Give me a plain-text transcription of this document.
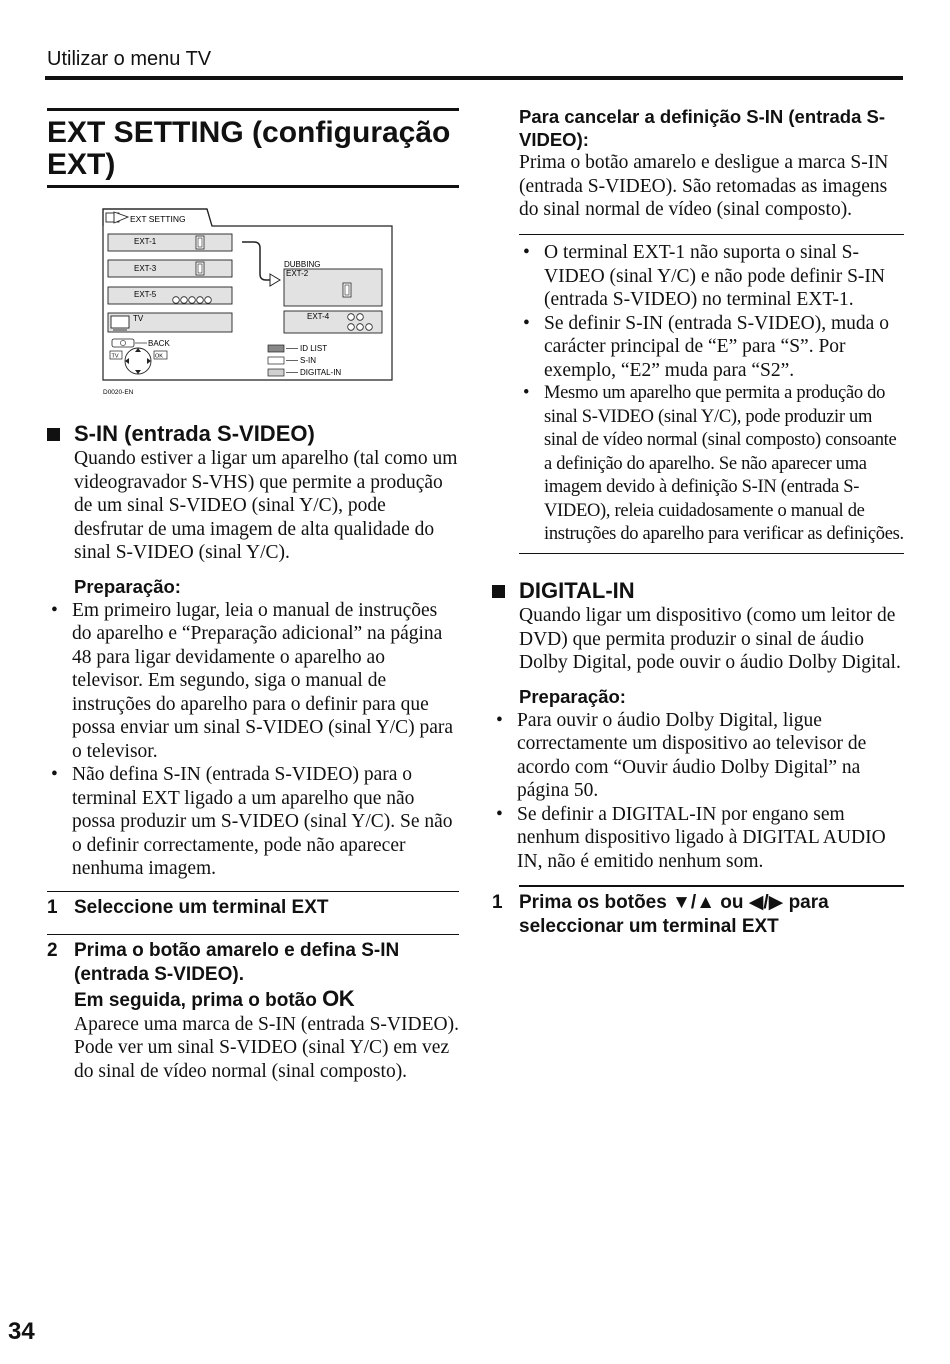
Utilizar o menu TV
EXT SETTING (configuração
EXT)
EXT SETTING
EXT-1
EXT-3
EXT-5
TV
DUBBING
EXT-2
EXT-4
BACK
TV	OK
ID LIST
S-IN
DIGITAL-IN
D0020-EN
S-IN (entrada S-VIDEO)
Quando estiver a ligar um aparelho (tal como um videogravador S-VHS) que permite a produção de um sinal S-VIDEO (sinal Y/C), pode desfrutar de uma imagem de alta qualidade do sinal S-VIDEO (sinal Y/C).
Preparação:
• Em primeiro lugar, leia o manual de instruções do aparelho e “Preparação adicional” na página 48 para ligar devidamente o aparelho ao televisor. Em segundo, siga o manual de instruções do aparelho para o definir para que possa enviar um sinal S-VIDEO (sinal Y/C) para o televisor.
• Não defina S-IN (entrada S-VIDEO) para o terminal EXT ligado a um aparelho que não possa produzir um S-VIDEO (sinal Y/C). Se não o definir correctamente, pode não aparecer nenhuma imagem.
1 Seleccione um terminal EXT
2 Prima o botão amarelo e defina S-IN (entrada S-VIDEO).
Em seguida, prima o botão OK
Aparece uma marca de S-IN (entrada S-VIDEO). Pode ver um sinal S-VIDEO (sinal Y/C) em vez do sinal de vídeo normal (sinal composto).
Para cancelar a definição S-IN (entrada S-VIDEO):
Prima o botão amarelo e desligue a marca S-IN (entrada S-VIDEO). São retomadas as imagens do sinal normal de vídeo (sinal composto).
• O terminal EXT-1 não suporta o sinal S-VIDEO (sinal Y/C) e não pode definir S-IN (entrada S-VIDEO) no terminal EXT-1.
• Se definir S-IN (entrada S-VIDEO), muda o carácter principal de “E” para “S”. Por exemplo, “E2” muda para “S2”.
• Mesmo um aparelho que permita a produção do sinal S-VIDEO (sinal Y/C), pode produzir um sinal de vídeo normal (sinal composto) consoante a definição do aparelho. Se não aparecer uma imagem devido à definição S-IN (entrada S-VIDEO), releia cuidadosamente o manual de instruções do aparelho para verificar as definições.
DIGITAL-IN
Quando ligar um dispositivo (como um leitor de DVD) que permita produzir o sinal de áudio Dolby Digital, pode ouvir o áudio Dolby Digital.
Preparação:
• Para ouvir o áudio Dolby Digital, ligue correctamente um dispositivo ao televisor de acordo com “Ouvir áudio Dolby Digital” na página 50.
• Se definir a DIGITAL-IN por engano sem nenhum dispositivo ligado à DIGITAL AUDIO IN, não é emitido nenhum som.
1 Prima os botões ▼/▲ ou ◀/▶ para seleccionar um terminal EXT
34
